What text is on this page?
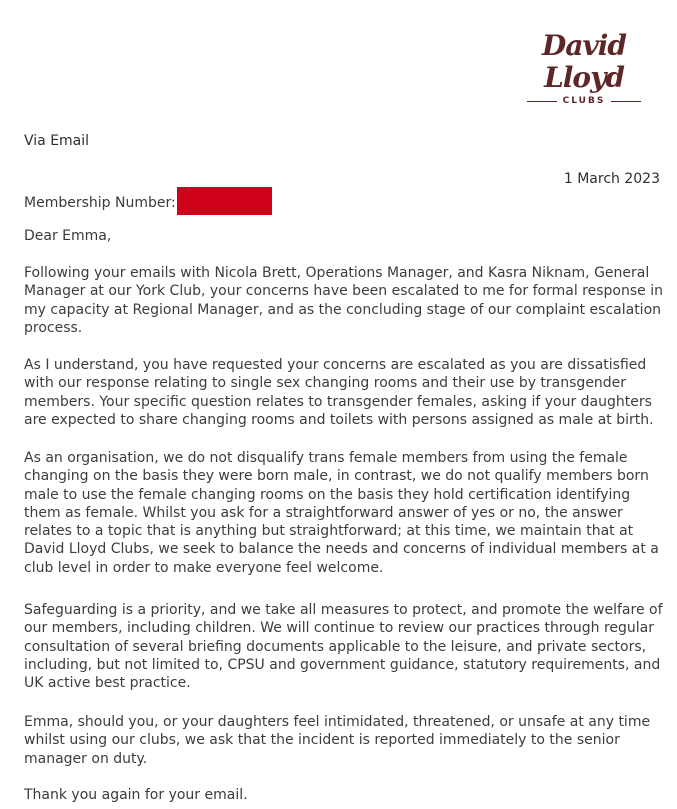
David Lloyd
CLUBS
Via Email
1 March 2023
Membership Number:
Dear Emma,

Following your emails with Nicola Brett, Operations Manager, and Kasra Niknam, General Manager at our York Club, your concerns have been escalated to me for formal response in my capacity at Regional Manager, and as the concluding stage of our complaint escalation process.

As I understand, you have requested your concerns are escalated as you are dissatisfied with our response relating to single sex changing rooms and their use by transgender members. Your specific question relates to transgender females, asking if your daughters are expected to share changing rooms and toilets with persons assigned as male at birth.

As an organisation, we do not disqualify trans female members from using the female changing on the basis they were born male, in contrast, we do not qualify members born male to use the female changing rooms on the basis they hold certification identifying them as female. Whilst you ask for a straightforward answer of yes or no, the answer relates to a topic that is anything but straightforward; at this time, we maintain that at David Lloyd Clubs, we seek to balance the needs and concerns of individual members at a club level in order to make everyone feel welcome.

Safeguarding is a priority, and we take all measures to protect, and promote the welfare of our members, including children. We will continue to review our practices through regular consultation of several briefing documents applicable to the leisure, and private sectors, including, but not limited to, CPSU and government guidance, statutory requirements, and UK active best practice.

Emma, should you, or your daughters feel intimidated, threatened, or unsafe at any time whilst using our clubs, we ask that the incident is reported immediately to the senior manager on duty.

Thank you again for your email.
